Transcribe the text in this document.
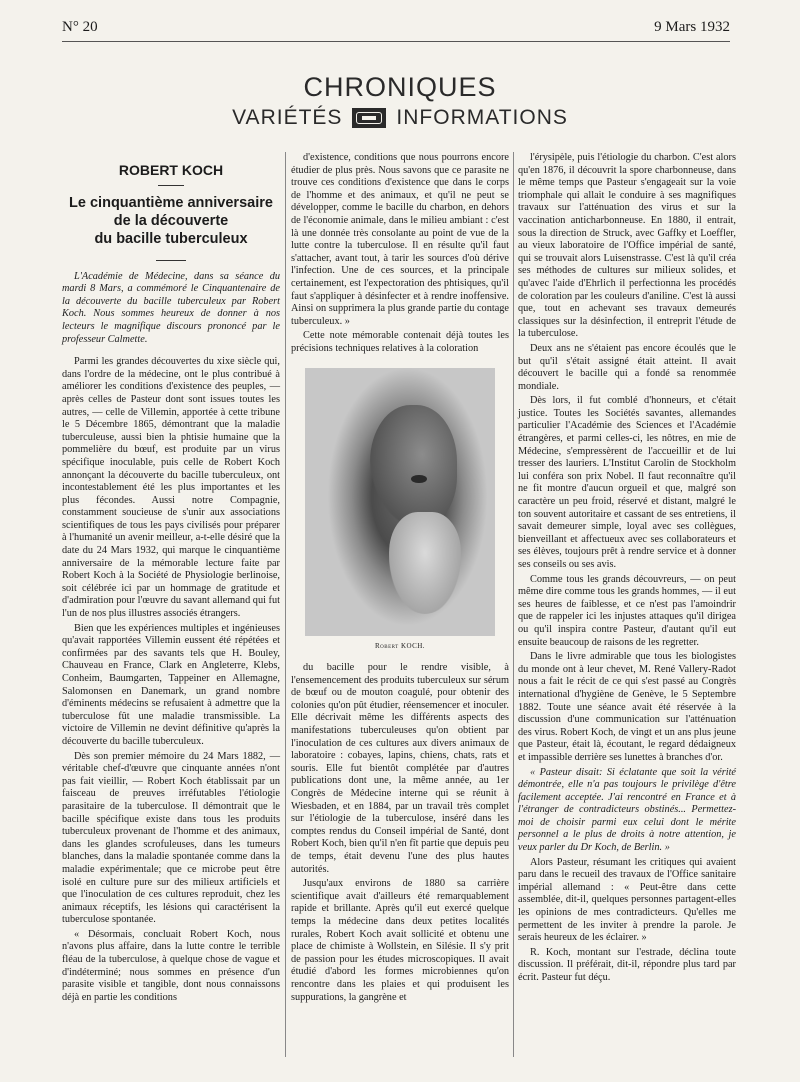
N° 20	9 Mars 1932
CHRONIQUES
VARIÉTÉS	INFORMATIONS
ROBERT KOCH
Le cinquantième anniversaire
de la découverte
du bacille tuberculeux

L'Académie de Médecine, dans sa séance du mardi 8 Mars, a commémoré le Cinquantenaire de la découverte du bacille tuberculeux par Robert Koch. Nous sommes heureux de donner à nos lecteurs le magnifique discours prononcé par le professeur Calmette.

Parmi les grandes découvertes du xixe siècle qui, dans l'ordre de la médecine, ont le plus contribué à améliorer les conditions d'existence des peuples, — après celles de Pasteur dont sont issues toutes les autres, — celle de Villemin, apportée à cette tribune le 5 Décembre 1865, démontrant que la maladie tuberculeuse, aussi bien la phtisie humaine que la pommelière du bœuf, est produite par un virus spécifique inoculable, puis celle de Robert Koch annonçant la découverte du bacille tuberculeux, ont incontestablement été les plus importantes et les plus fécondes. Aussi notre Compagnie, constamment soucieuse de s'unir aux associations scientifiques de tous les pays civilisés pour préparer à l'humanité un avenir meilleur, a-t-elle désiré que la date du 24 Mars 1932, qui marque le cinquantième anniversaire de la mémorable lecture faite par Robert Koch à la Société de Physiologie berlinoise, soit célébrée ici par un hommage de gratitude et d'admiration pour l'œuvre du savant allemand qui fut l'un de nos plus illustres associés étrangers.

Bien que les expériences multiples et ingénieuses qu'avait rapportées Villemin eussent été répétées et confirmées par des savants tels que H. Bouley, Chauveau en France, Clark en Angleterre, Klebs, Conheim, Baumgarten, Tappeiner en Allemagne, Salomonsen en Danemark, un grand nombre d'éminents médecins se refusaient à admettre que la tuberculose fût une maladie transmissible. La victoire de Villemin ne devint définitive qu'après la découverte du bacille tuberculeux.

Dès son premier mémoire du 24 Mars 1882, — véritable chef-d'œuvre que cinquante années n'ont pas fait vieillir, — Robert Koch établissait par un faisceau de preuves irréfutables l'étiologie parasitaire de la tuberculose. Il démontrait que le bacille spécifique existe dans tous les produits tuberculeux provenant de l'homme et des animaux, dans les glandes scrofuleuses, dans les tumeurs blanches, dans la maladie spontanée comme dans la maladie expérimentale; que ce microbe peut être isolé en culture pure sur des milieux artificiels et que l'inoculation de ces cultures reproduit, chez les animaux réceptifs, les lésions qui caractérisent la tuberculose spontanée.

« Désormais, concluait Robert Koch, nous n'avons plus affaire, dans la lutte contre le terrible fléau de la tuberculose, à quelque chose de vague et d'indéterminé; nous sommes en présence d'un parasite visible et tangible, dont nous connaissons déjà en partie les conditions

d'existence, conditions que nous pourrons encore étudier de plus près. Nous savons que ce parasite ne trouve ces conditions d'existence que dans le corps de l'homme et des animaux, et qu'il ne peut se développer, comme le bacille du charbon, en dehors de l'économie animale, dans le milieu ambiant : c'est là une donnée très consolante au point de vue de la lutte contre la tuberculose. Il en résulte qu'il faut s'attacher, avant tout, à tarir les sources d'où dérive l'infection. Une de ces sources, et la principale certainement, est l'expectoration des phtisiques, qu'il faut s'appliquer à désinfecter et à rendre inoffensive. Ainsi on supprimera la plus grande partie du contage tuberculeux. »

Cette note mémorable contenait déjà toutes les précisions techniques relatives à la coloration

Robert KOCH.

du bacille pour le rendre visible, à l'ensemencement des produits tuberculeux sur sérum de bœuf ou de mouton coagulé, pour obtenir des colonies qu'on pût étudier, réensemencer et inoculer. Elle décrivait même les différents aspects des manifestations tuberculeuses qu'on obtient par l'inoculation de ces cultures aux divers animaux de laboratoire : cobayes, lapins, chiens, chats, rats et souris. Elle fut bientôt complétée par d'autres publications dont une, la même année, au 1er Congrès de Médecine interne qui se réunit à Wiesbaden, et en 1884, par un travail très complet sur l'étiologie de la tuberculose, inséré dans les comptes rendus du Conseil impérial de Santé, dont Robert Koch, bien qu'il n'en fît partie que depuis peu de temps, était devenu l'une des plus hautes autorités.

Jusqu'aux environs de 1880 sa carrière scientifique avait d'ailleurs été remarquablement rapide et brillante. Après qu'il eut exercé quelque temps la médecine dans deux petites localités rurales, Robert Koch avait sollicité et obtenu une place de chimiste à Wollstein, en Silésie. Il s'y prit de passion pour les études microscopiques. Il avait étudié d'abord les formes microbiennes qu'on rencontre dans les plaies et qui produisent les suppurations, la gangrène et

l'érysipèle, puis l'étiologie du charbon. C'est alors qu'en 1876, il découvrit la spore charbonneuse, dans le même temps que Pasteur s'engageait sur la voie triomphale qui allait le conduire à ses magnifiques travaux sur l'atténuation des virus et sur la vaccination anticharbonneuse. En 1880, il entrait, sous la direction de Struck, avec Gaffky et Loeffler, au vieux laboratoire de l'Office impérial de santé, qui se trouvait alors Luisenstrasse. C'est là qu'il créa ses méthodes de cultures sur milieux solides, et qu'avec l'aide d'Ehrlich il perfectionna les procédés de coloration par les couleurs d'aniline. C'est là aussi que, tout en achevant ses travaux demeurés classiques sur la désinfection, il entreprit l'étude de la tuberculose.

Deux ans ne s'étaient pas encore écoulés que le but qu'il s'était assigné était atteint. Il avait découvert le bacille qui a fondé sa renommée mondiale.

Dès lors, il fut comblé d'honneurs, et c'était justice. Toutes les Sociétés savantes, allemandes particulier l'Académie des Sciences et l'Académie étrangères, et parmi celles-ci, les nôtres, en mie de Médecine, s'empressèrent de l'accueillir et de lui tresser des lauriers. L'Institut Carolin de Stockholm lui conféra son prix Nobel. Il faut reconnaître qu'il ne fit montre d'aucun orgueil et que, malgré son caractère un peu froid, réservé et distant, malgré le ton souvent autoritaire et cassant de ses entretiens, il savait demeurer simple, loyal avec ses collègues, bienveillant et affectueux avec ses collaborateurs et ses élèves, toujours prêt à rendre service et à donner ses conseils ou ses avis.

Comme tous les grands découvreurs, — on peut même dire comme tous les grands hommes, — il eut ses heures de faiblesse, et ce n'est pas l'amoindrir que de rappeler ici les injustes attaques qu'il dirigea ou qu'il inspira contre Pasteur, d'autant qu'il eut ensuite beaucoup de raisons de les regretter.

Dans le livre admirable que tous les biologistes du monde ont à leur chevet, M. René Vallery-Radot nous a fait le récit de ce qui s'est passé au Congrès international d'hygiène de Genève, le 5 Septembre 1882. Toute une séance avait été réservée à la discussion d'une communication sur l'atténuation des virus. Robert Koch, de vingt et un ans plus jeune que Pasteur, était là, écoutant, le regard dédaigneux et impassible derrière ses lunettes à branches d'or.

« Pasteur disait: Si éclatante que soit la vérité démontrée, elle n'a pas toujours le privilège d'être facilement acceptée. J'ai rencontré en France et à l'étranger de contradicteurs obstinés... Permettez-moi de choisir parmi eux celui dont le mérite personnel a le plus de droits à notre attention, je veux parler du Dr Koch, de Berlin. »

Alors Pasteur, résumant les critiques qui avaient paru dans le recueil des travaux de l'Office sanitaire impérial allemand : « Peut-être dans cette assemblée, dit-il, quelques personnes partagent-elles les opinions de mes contradicteurs. Qu'elles me permettent de les inviter à prendre la parole. Je serais heureux de les éclairer. »

R. Koch, montant sur l'estrade, déclina toute discussion. Il préférait, dit-il, répondre plus tard par écrit. Pasteur fut déçu.
